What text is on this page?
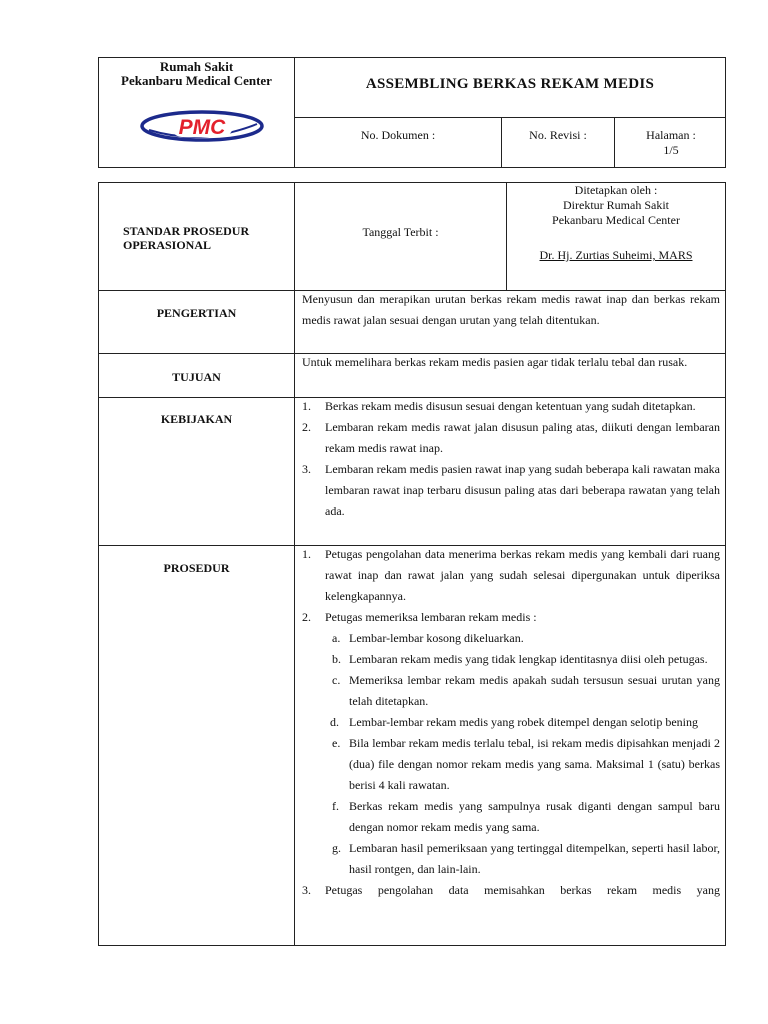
Rumah Sakit
Pekanbaru Medical Center
PMC
ASSEMBLING BERKAS REKAM MEDIS
No. Dokumen :	No. Revisi :	Halaman :
1/5
STANDAR PROSEDUR
OPERASIONAL
Tanggal Terbit :
Ditetapkan oleh :
Direktur Rumah Sakit
Pekanbaru Medical Center
Dr. Hj. Zurtias Suheimi, MARS
PENGERTIAN
Menyusun dan merapikan urutan berkas rekam medis rawat inap dan berkas rekam medis rawat jalan sesuai dengan urutan yang telah ditentukan.
TUJUAN
Untuk memelihara berkas rekam medis pasien agar tidak terlalu tebal dan rusak.
KEBIJAKAN
1. Berkas rekam medis disusun sesuai dengan ketentuan yang sudah ditetapkan.
2. Lembaran rekam medis rawat jalan disusun paling atas, diikuti dengan lembaran rekam medis rawat inap.
3. Lembaran rekam medis pasien rawat inap yang sudah beberapa kali rawatan maka lembaran rawat inap terbaru disusun paling atas dari beberapa rawatan yang telah ada.
PROSEDUR
1. Petugas pengolahan data menerima berkas rekam medis yang kembali dari ruang rawat inap dan rawat jalan yang sudah selesai dipergunakan untuk diperiksa kelengkapannya.
2. Petugas memeriksa lembaran rekam medis :
a. Lembar-lembar kosong dikeluarkan.
b. Lembaran rekam medis yang tidak lengkap identitasnya diisi oleh petugas.
c. Memeriksa lembar rekam medis apakah sudah tersusun sesuai urutan yang telah ditetapkan.
d. Lembar-lembar rekam medis yang robek ditempel dengan selotip bening
e. Bila lembar rekam medis terlalu tebal, isi rekam medis dipisahkan menjadi 2 (dua) file dengan nomor rekam medis yang sama. Maksimal 1 (satu) berkas berisi 4 kali rawatan.
f. Berkas rekam medis yang sampulnya rusak diganti dengan sampul baru dengan nomor rekam medis yang sama.
g. Lembaran hasil pemeriksaan yang tertinggal ditempelkan, seperti hasil labor, hasil rontgen, dan lain-lain.
3. Petugas pengolahan data memisahkan berkas rekam medis yang
